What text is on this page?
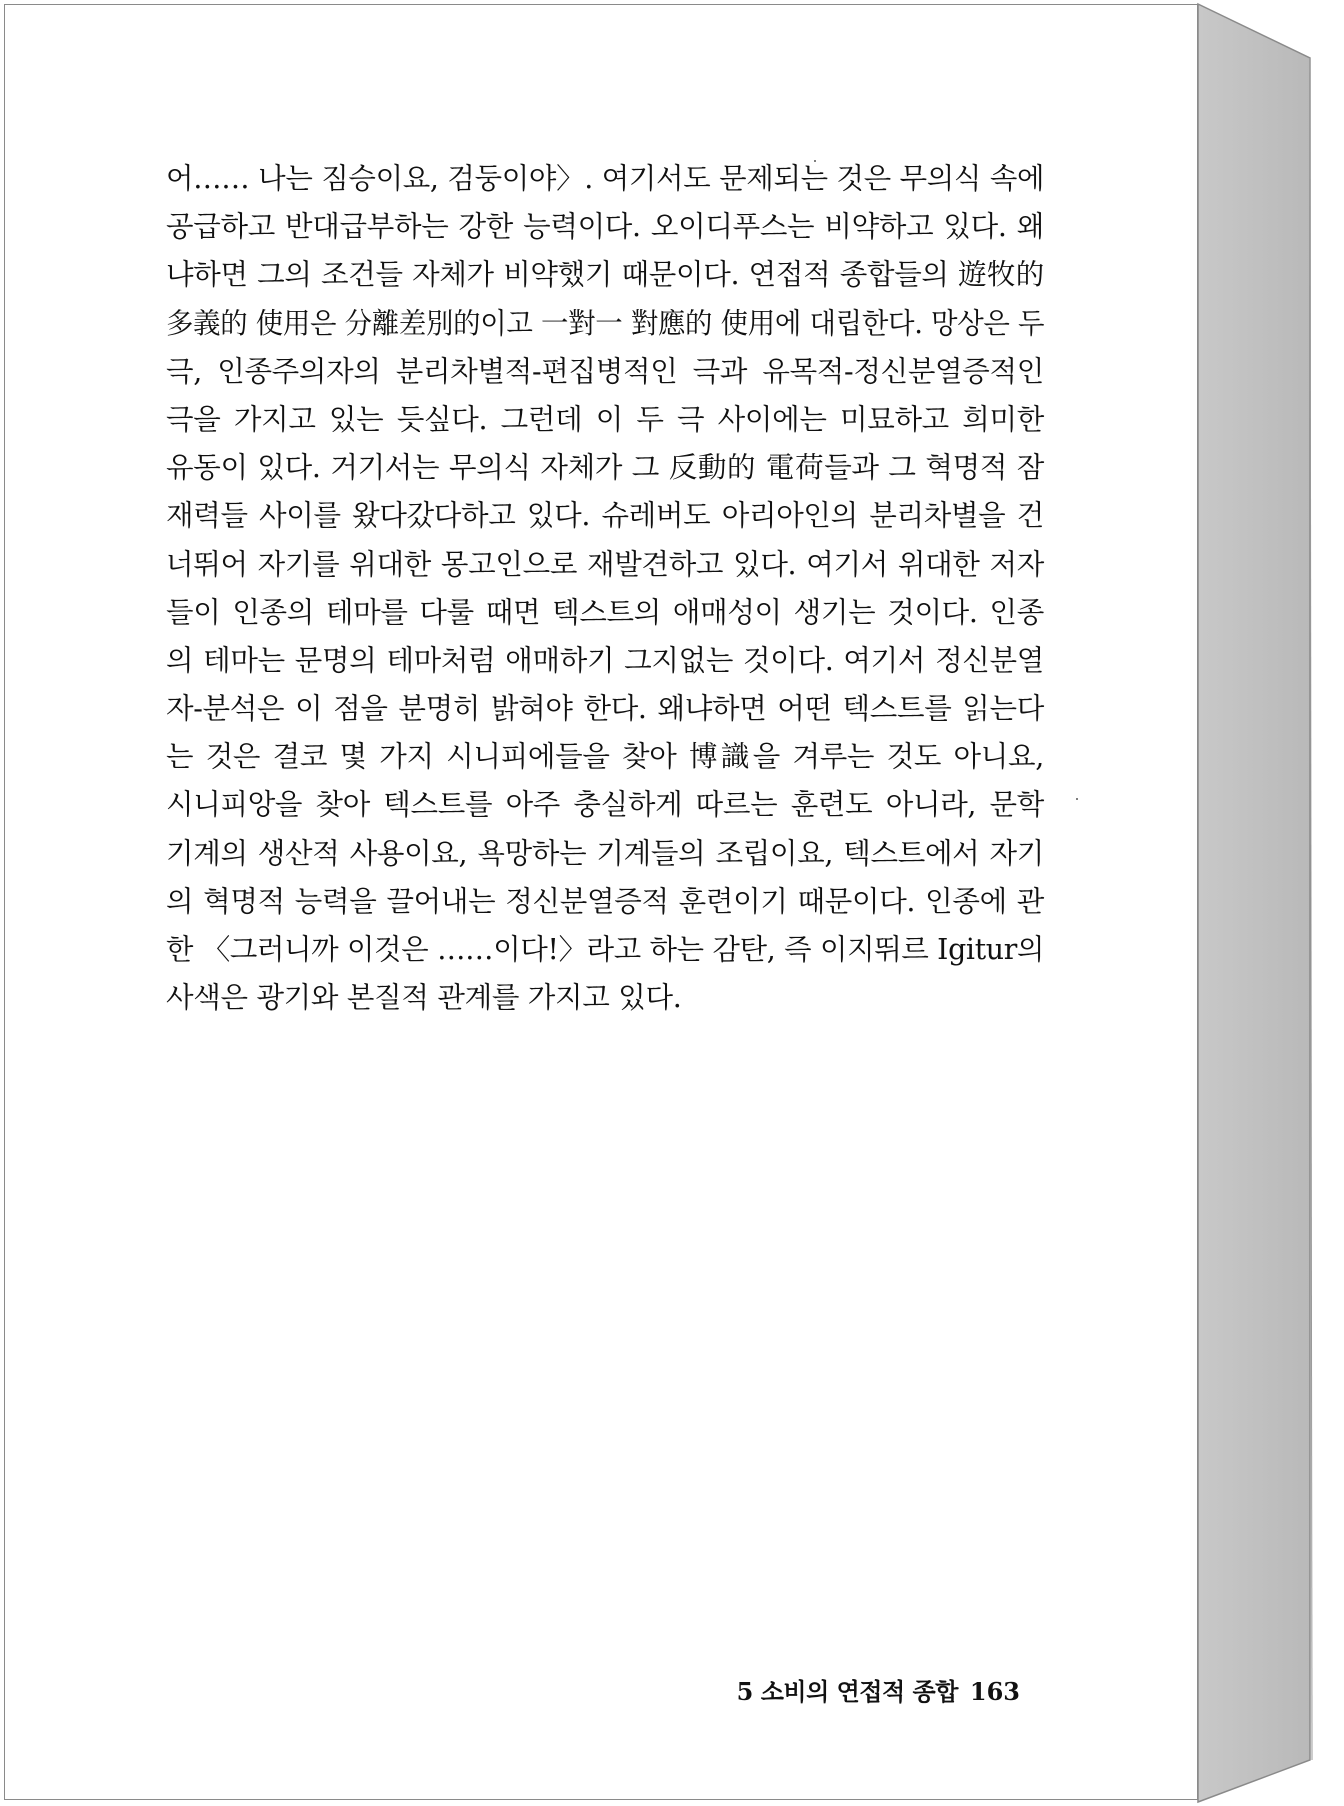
어…… 나는 짐승이요, 검둥이야〉. 여기서도 문제되는 것은 무의식 속에
공급하고 반대급부하는 강한 능력이다. 오이디푸스는 비약하고 있다. 왜
냐하면 그의 조건들 자체가 비약했기 때문이다. 연접적 종합들의 遊牧的
多義的 使用은 分離差別的이고 一對一 對應的 使用에 대립한다. 망상은 두
극, 인종주의자의 분리차별적-편집병적인 극과 유목적-정신분열증적인
극을 가지고 있는 듯싶다. 그런데 이 두 극 사이에는 미묘하고 희미한
유동이 있다. 거기서는 무의식 자체가 그 反動的 電荷들과 그 혁명적 잠
재력들 사이를 왔다갔다하고 있다. 슈레버도 아리아인의 분리차별을 건
너뛰어 자기를 위대한 몽고인으로 재발견하고 있다. 여기서 위대한 저자
들이 인종의 테마를 다룰 때면 텍스트의 애매성이 생기는 것이다. 인종
의 테마는 문명의 테마처럼 애매하기 그지없는 것이다. 여기서 정신분열
자-분석은 이 점을 분명히 밝혀야 한다. 왜냐하면 어떤 텍스트를 읽는다
는 것은 결코 몇 가지 시니피에들을 찾아 博識을 겨루는 것도 아니요,
시니피앙을 찾아 텍스트를 아주 충실하게 따르는 훈련도 아니라, 문학
기계의 생산적 사용이요, 욕망하는 기계들의 조립이요, 텍스트에서 자기
의 혁명적 능력을 끌어내는 정신분열증적 훈련이기 때문이다. 인종에 관
한 〈그러니까 이것은 ……이다!〉라고 하는 감탄, 즉 이지뛰르 Igitur의
사색은 광기와 본질적 관계를 가지고 있다.
5 소비의 연접적 종합 163
